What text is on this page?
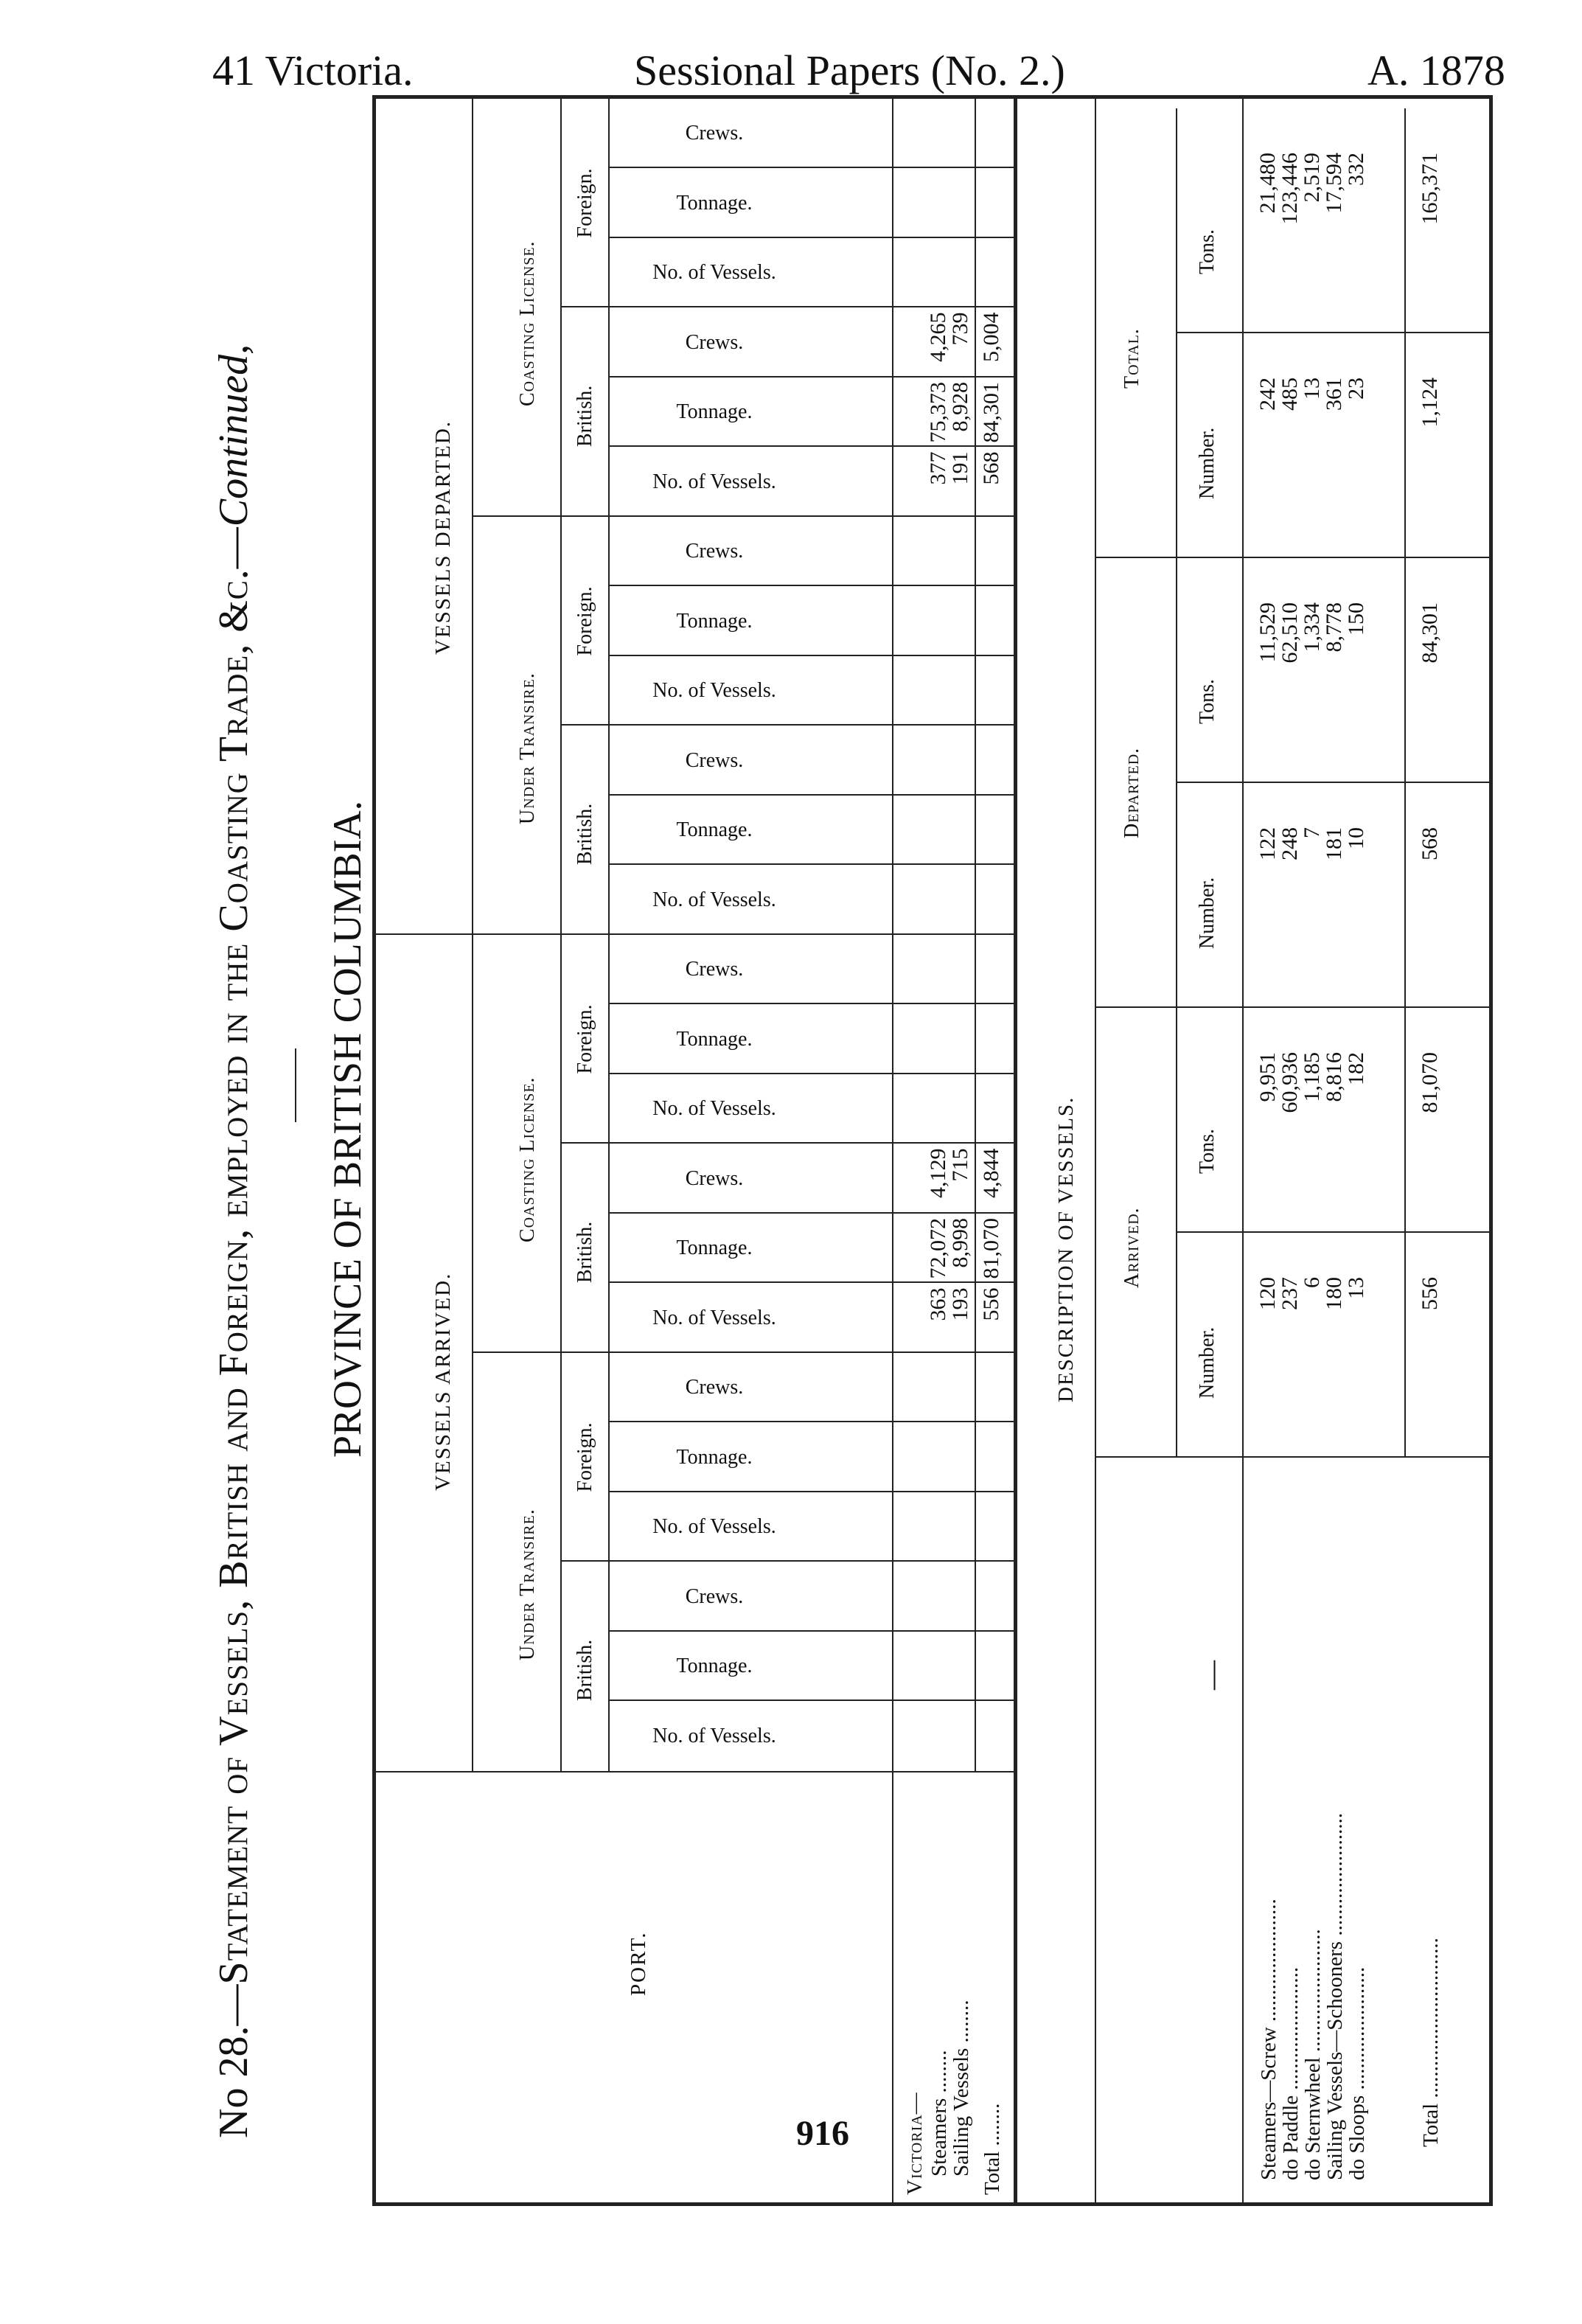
41 Victoria.	Sessional Papers (No. 2.)	A. 1878
No 28.—Statement of Vessels, British and Foreign, employed in the Coasting Trade, &c.—Continued,
PROVINCE OF BRITISH COLUMBIA.
PORT.
VESSELS ARRIVED.
VESSELS DEPARTED.
Under Transire.
Coasting License.
Under Transire.
Coasting License.
British.
Foreign.
British.
Foreign.
British.
Foreign.
British.
Foreign.
No. of Vessels.
Tonnage.
Crews.
No. of Vessels.
Tonnage.
Crews.
No. of Vessels.
Tonnage.
Crews.
No. of Vessels.
Tonnage.
Crews.
No. of Vessels.
Tonnage.
Crews.
No. of Vessels.
Tonnage.
Crews.
No. of Vessels.
Tonnage.
Crews.
No. of Vessels.
Tonnage.
Crews.
Victoria— Steamers ........
363
72,072
4,129
377
75,373
4,265
Sailing Vessels ........
193
8,998
715
191
8,928
739
Total ........
556
81,070
4,844
568
84,301
5,004
DESCRIPTION OF VESSELS. Arrived.
Departed.
Total.
Number.
Tons.
Number.
Tons.
Number.
Tons.
—
Steamers—Screw .......................
120
9,951
122
11,529
242
21,480
do Paddle .......................
237
60,936
248
62,510
485
123,446
do Sternwheel .......................
6
1,185
7
1,334
13
2,519
Sailing Vessels—Schooners .......................
180
8,816
181
8,778
361
17,594
do Sloops .......................
13
182
10
150
23
332
Total ..............................
556
81,070
568
84,301
1,124
165,371
916
